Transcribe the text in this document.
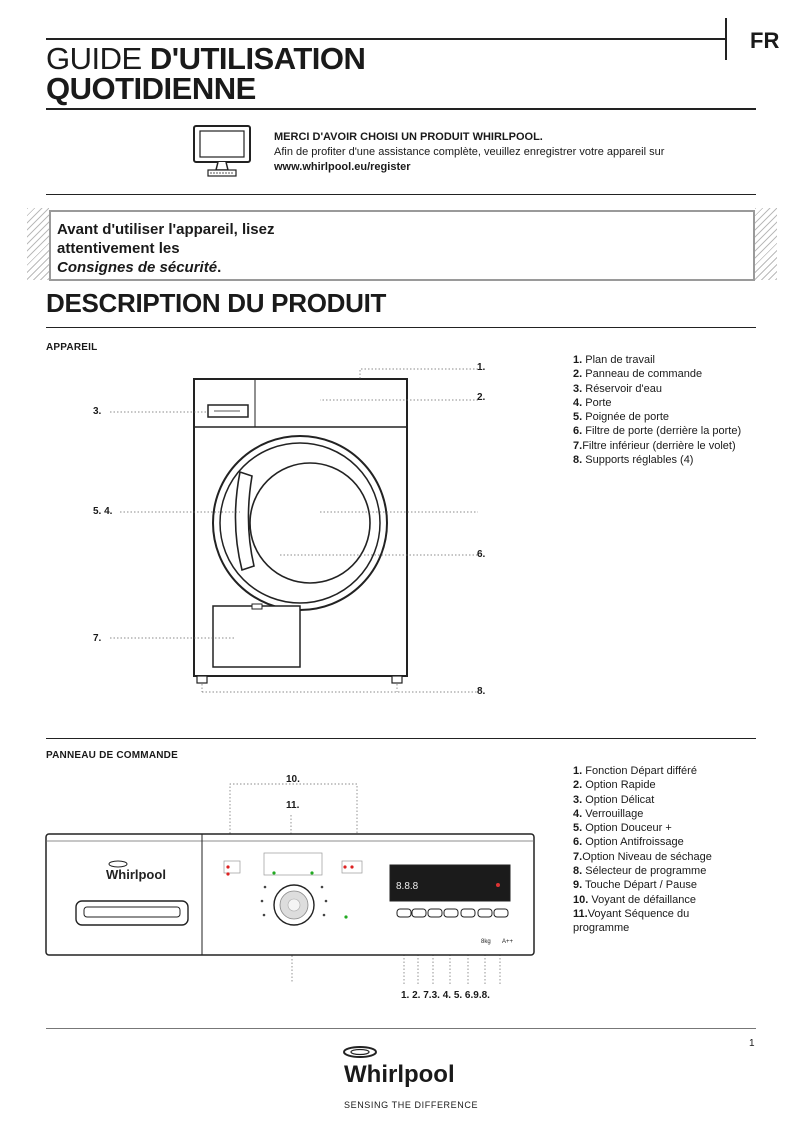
FR
GUIDE D'UTILISATION
QUOTIDIENNE
MERCI D'AVOIR CHOISI UN PRODUIT WHIRLPOOL.
Afin de profiter d'une assistance complète, veuillez enregistrer votre appareil sur
www.whirlpool.eu/register
Avant d'utiliser l'appareil, lisez
attentivement les
Consignes de sécurité.
DESCRIPTION DU PRODUIT
APPAREIL
1.
2.
3.
5. 4.
6.
7.
8.
1. Plan de travail
2. Panneau de commande
3. Réservoir d'eau
4. Porte
5. Poignée de porte
6. Filtre de porte (derrière la porte)
7.Filtre inférieur (derrière le volet)
8. Supports réglables (4)
PANNEAU DE COMMANDE
Whirlpool
8.8.8
8kg A++
10.
11.
1. 2. 7.3. 4. 5. 6.9.8.
1. Fonction Départ différé
2. Option Rapide
3. Option Délicat
4. Verrouillage
5. Option Douceur +
6. Option Antifroissage
7.Option Niveau de séchage
8. Sélecteur de programme
9. Touche Départ / Pause
10. Voyant de défaillance
11.Voyant Séquence du programme
1
Whirlpool
SENSING THE DIFFERENCE
